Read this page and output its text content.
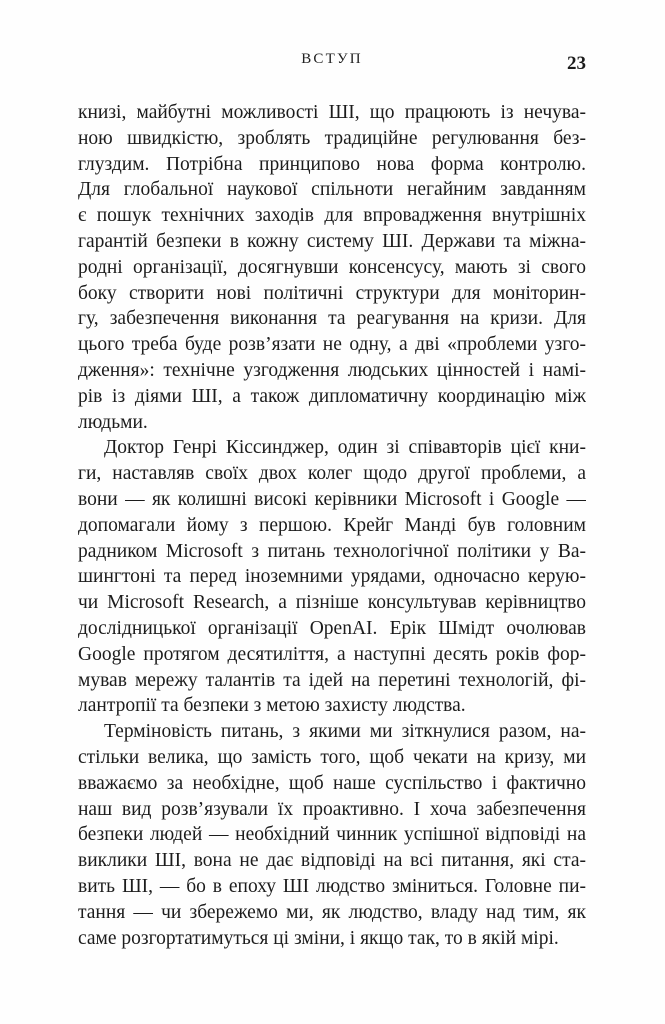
ВСТУП	23
книзі, майбутні можливості ШІ, що працюють із нечува-
ною швидкістю, зроблять традиційне регулювання без-
глуздим. Потрібна принципово нова форма контролю.
Для глобальної наукової спільноти негайним завданням
є пошук технічних заходів для впровадження внутрішніх
гарантій безпеки в кожну систему ШІ. Держави та міжна-
родні організації, досягнувши консенсусу, мають зі свого
боку створити нові політичні структури для моніторин-
гу, забезпечення виконання та реагування на кризи. Для
цього треба буде розв’язати не одну, а дві «проблеми узго-
дження»: технічне узгодження людських цінностей і намі-
рів із діями ШІ, а також дипломатичну координацію між
людьми.
Доктор Генрі Кіссинджер, один зі співавторів цієї кни-
ги, наставляв своїх двох колег щодо другої проблеми, а
вони — як колишні високі керівники Microsoft і Google —
допомагали йому з першою. Крейг Манді був головним
радником Microsoft з питань технологічної політики у Ва-
шингтоні та перед іноземними урядами, одночасно керую-
чи Microsoft Research, а пізніше консультував керівництво
дослідницької організації OpenAI. Ерік Шмідт очолював
Google протягом десятиліття, а наступні десять років фор-
мував мережу талантів та ідей на перетині технологій, фі-
лантропії та безпеки з метою захисту людства.
Терміновість питань, з якими ми зіткнулися разом, на-
стільки велика, що замість того, щоб чекати на кризу, ми
вважаємо за необхідне, щоб наше суспільство і фактично
наш вид розв’язували їх проактивно. І хоча забезпечення
безпеки людей — необхідний чинник успішної відповіді на
виклики ШІ, вона не дає відповіді на всі питання, які ста-
вить ШІ, — бо в епоху ШІ людство зміниться. Головне пи-
тання — чи збережемо ми, як людство, владу над тим, як
саме розгортатимуться ці зміни, і якщо так, то в якій мірі.
